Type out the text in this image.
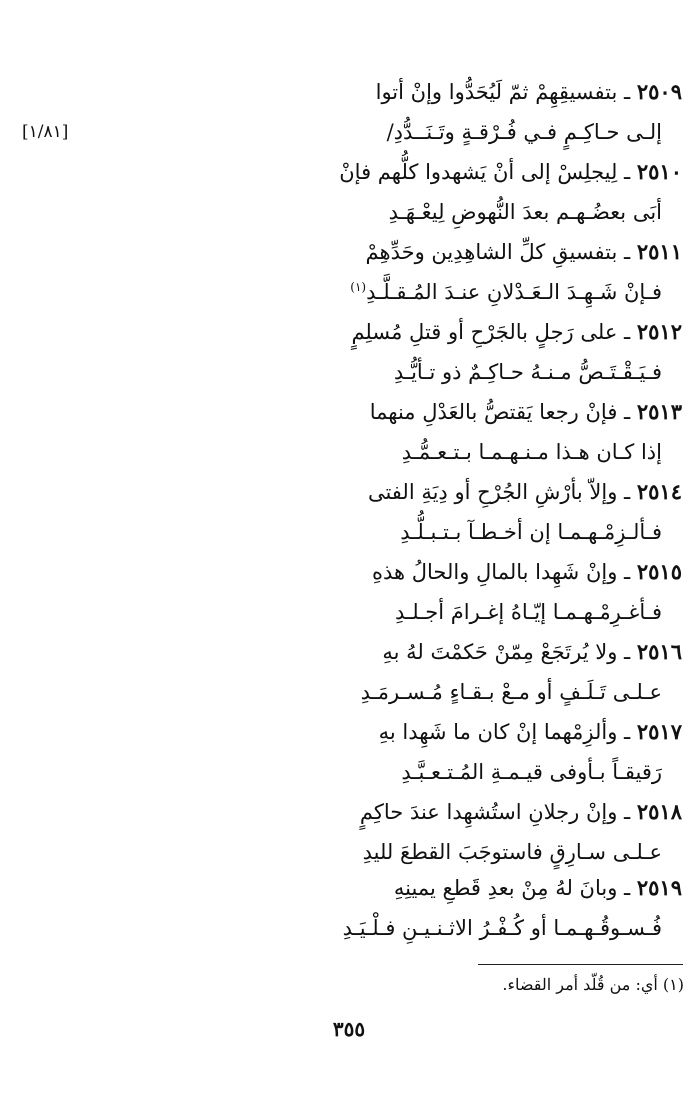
٢٥٠٩ ـ بتفسيقِهِمْ ثمّ لَيُحَدُّوا وإنْ أتوا
إلـى حـاكِـمٍ فـي فُـرْقـةٍ وتَـنَــدُّدِ/
[١/٨١]
٢٥١٠ ـ لِيجلِسْ إلى أنْ يَشهدوا كلُّهم فإنْ
أبَى بعضُـهـم بعدَ النُّهوضِ لِيعْـهَـدِ
٢٥١١ ـ بتفسيقِ كلِّ الشاهِدِين وحَدِّهِمْ
فـإنْ شَـهِـدَ الـعَـدْلانِ عنـدَ المُـقـلَّـدِ$^{(١)}$
٢٥١٢ ـ على رَجلٍ بالجَرْحِ أو قتلِ مُسلِمٍ
فـيَـقْـتَـصُّ مـنـهُ حـاكِـمٌ ذو تـأيُّـدِ
٢٥١٣ ـ فإنْ رجعا يَقتصُّ بالعَدْلِ منهما
إذا كـان هـذا مـنـهـمـا بـتـعـمُّـدِ
٢٥١٤ ـ وإلاّ بأرْشِ الجُرْحِ أو دِيَةِ الفتى
فـألـزِمْـهـمـا إن أخـطـآ بـتـبـلُّـدِ
٢٥١٥ ـ وإنْ شَهِدا بالمالِ والحالُ هذهِ
فـأغـرِمْـهـمـا إيّـاهُ إغـرامَ أجـلـدِ
٢٥١٦ ـ ولا يُرتَجَعْ مِمّنْ حَكمْتَ لهُ بهِ
عـلـى تَـلَـفٍ أو مـعْ بـقـاءٍ مُـسـرمَـدِ
٢٥١٧ ـ وألزِمْهما إنْ كان ما شَهِدا بهِ
رَقيقـاً بـأوفى قيـمـةِ المُـتـعـبَّـدِ
٢٥١٨ ـ وإنْ رجلانِ استُشهِدا عندَ حاكِمٍ
عـلـى سـارِقٍ فاستوجَبَ القطعَ لليدِ
٢٥١٩ ـ وبانَ لهُ مِنْ بعدِ قَطعِ يمينِهِ
فُـسـوقُـهـمـا أو كُـفْـرُ الاثـنـيـنِ فـلْـيَـدِ
(١) أي: من قُلّد أمر القضاء.
٣٥٥
